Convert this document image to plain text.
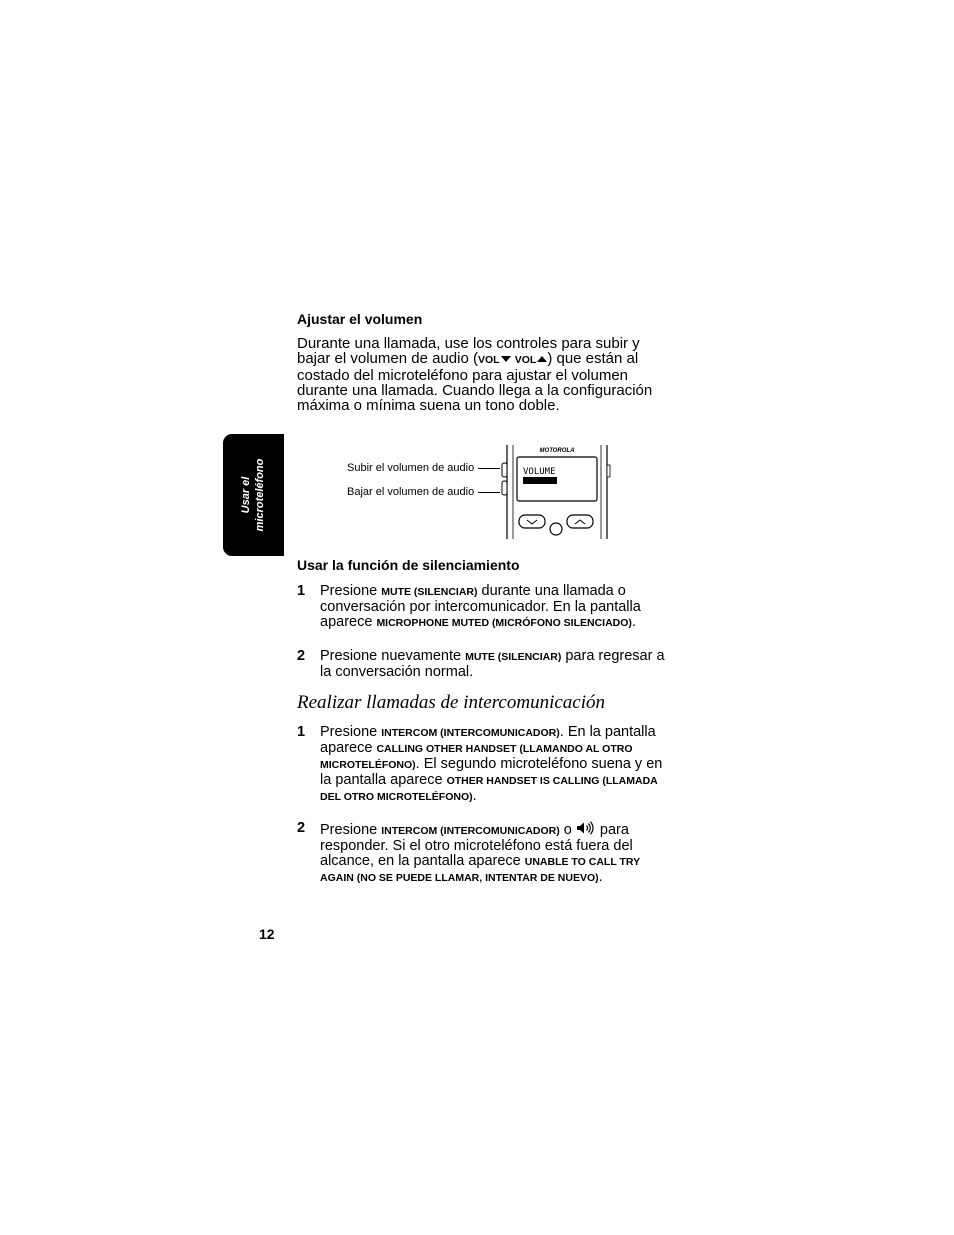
Usar el microteléfono
Ajustar el volumen
Durante una llamada, use los controles para subir y bajar el volumen de audio (VOL VOL ) que están al costado del microteléfono para ajustar el volumen durante una llamada. Cuando llega a la configuración máxima o mínima suena un tono doble.
Subir el volumen de audio
Bajar el volumen de audio
MOTOROLA
VOLUME
Usar la función de silenciamiento
1 Presione MUTE (SILENCIAR) durante una llamada o conversación por intercomunicador. En la pantalla aparece MICROPHONE MUTED (MICRÓFONO SILENCIADO).
2 Presione nuevamente MUTE (SILENCIAR) para regresar a la conversación normal.
Realizar llamadas de intercomunicación
1 Presione INTERCOM (INTERCOMUNICADOR). En la pantalla aparece CALLING OTHER HANDSET (LLAMANDO AL OTRO MICROTELÉFONO). El segundo microteléfono suena y en la pantalla aparece OTHER HANDSET IS CALLING (LLAMADA DEL OTRO MICROTELÉFONO).
2 Presione INTERCOM (INTERCOMUNICADOR) o  para responder. Si el otro microteléfono está fuera del alcance, en la pantalla aparece UNABLE TO CALL TRY AGAIN (NO SE PUEDE LLAMAR, INTENTAR DE NUEVO).
12
